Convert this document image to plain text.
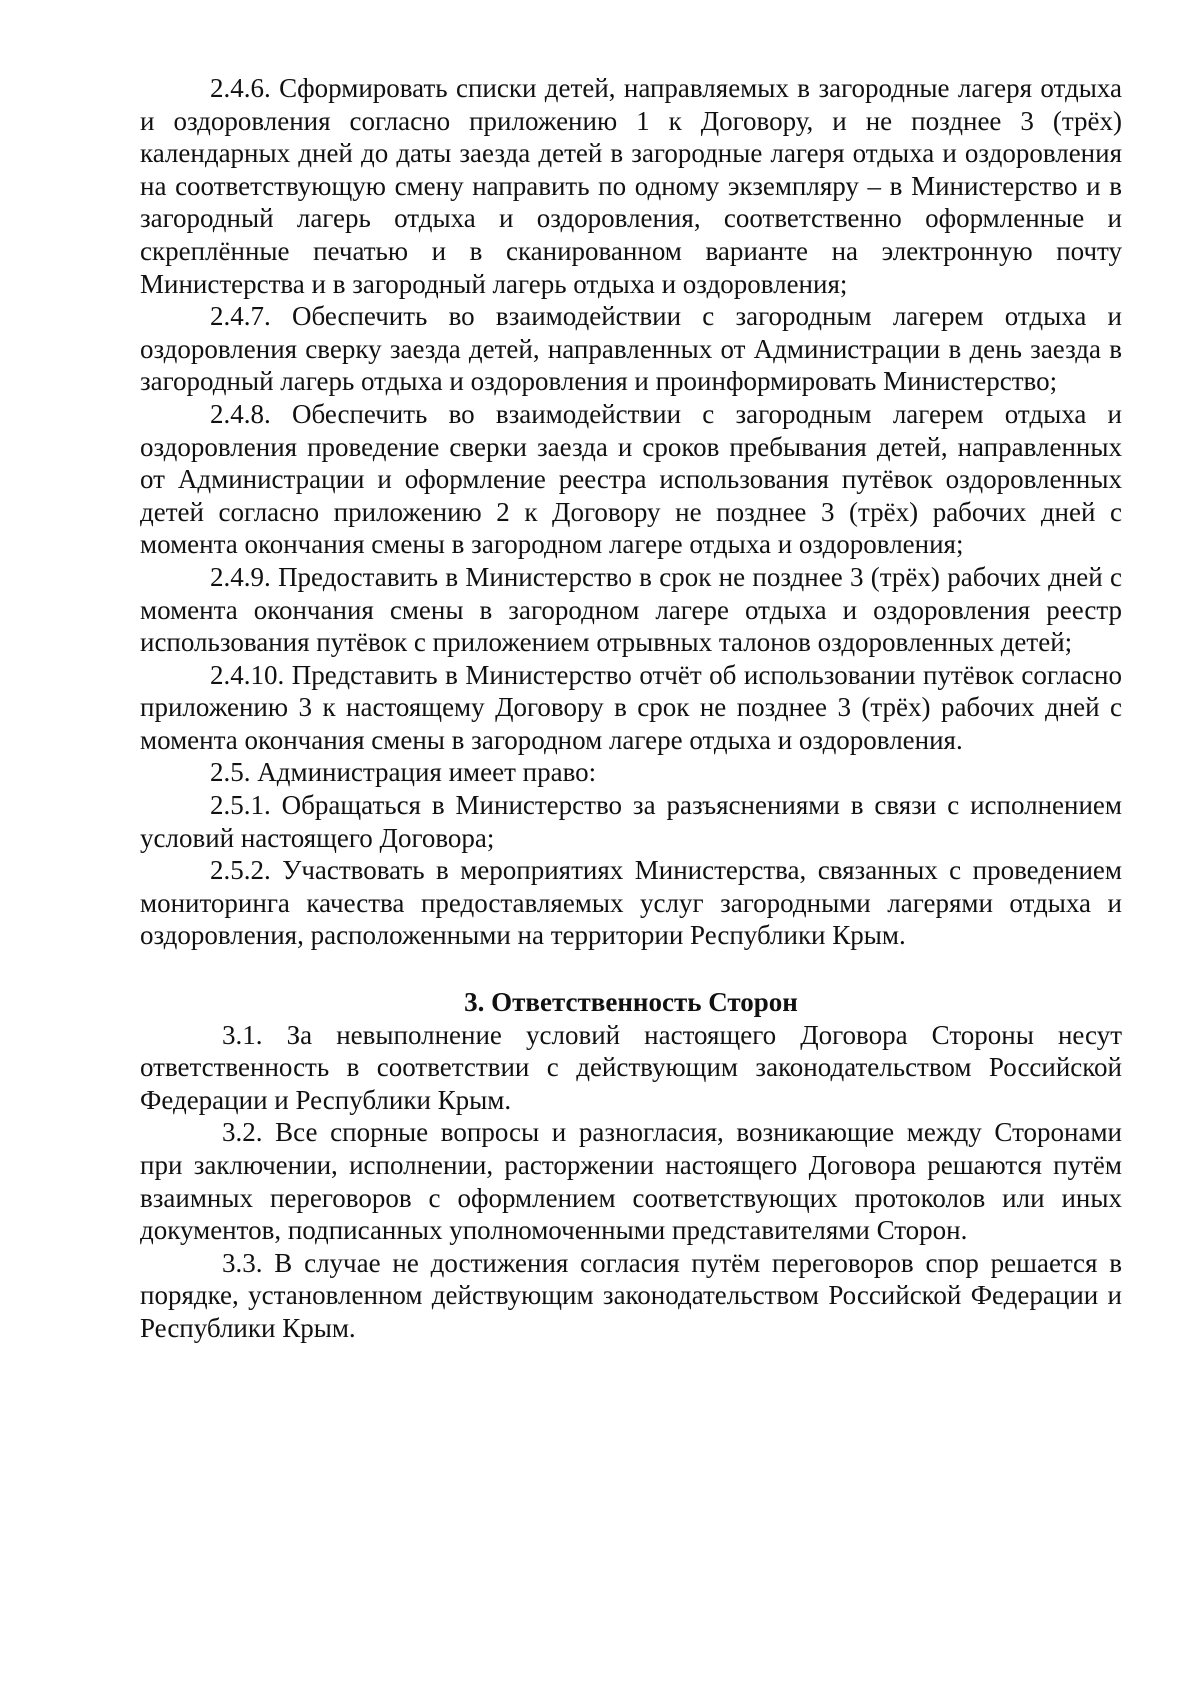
2.4.6. Сформировать списки детей, направляемых в загородные лагеря отдыха и оздоровления согласно приложению 1 к Договору, и не позднее 3 (трёх) календарных дней до даты заезда детей в загородные лагеря отдыха и оздоровления на соответствующую смену направить по одному экземпляру – в Министерство и в загородный лагерь отдыха и оздоровления, соответственно оформленные и скреплённые печатью и в сканированном варианте на электронную почту Министерства и в загородный лагерь отдыха и оздоровления;

2.4.7. Обеспечить во взаимодействии с загородным лагерем отдыха и оздоровления сверку заезда детей, направленных от Администрации в день заезда в загородный лагерь отдыха и оздоровления и проинформировать Министерство;

2.4.8. Обеспечить во взаимодействии с загородным лагерем отдыха и оздоровления проведение сверки заезда и сроков пребывания детей, направленных от Администрации и оформление реестра использования путёвок оздоровленных детей согласно приложению 2 к Договору не позднее 3 (трёх) рабочих дней с момента окончания смены в загородном лагере отдыха и оздоровления;

2.4.9. Предоставить в Министерство в срок не позднее 3 (трёх) рабочих дней с момента окончания смены в загородном лагере отдыха и оздоровления реестр использования путёвок с приложением отрывных талонов оздоровленных детей;

2.4.10. Представить в Министерство отчёт об использовании путёвок согласно приложению 3 к настоящему Договору в срок не позднее 3 (трёх) рабочих дней с момента окончания смены в загородном лагере отдыха и оздоровления.

2.5. Администрация имеет право:

2.5.1. Обращаться в Министерство за разъяснениями в связи с исполнением условий настоящего Договора;

2.5.2. Участвовать в мероприятиях Министерства, связанных с проведением мониторинга качества предоставляемых услуг загородными лагерями отдыха и оздоровления, расположенными на территории Республики Крым.

3. Ответственность Сторон

3.1. За невыполнение условий настоящего Договора Стороны несут ответственность в соответствии с действующим законодательством Российской Федерации и Республики Крым.

3.2. Все спорные вопросы и разногласия, возникающие между Сторонами при заключении, исполнении, расторжении настоящего Договора решаются путём взаимных переговоров с оформлением соответствующих протоколов или иных документов, подписанных уполномоченными представителями Сторон.

3.3. В случае не достижения согласия путём переговоров спор решается в порядке, установленном действующим законодательством Российской Федерации и Республики Крым.
